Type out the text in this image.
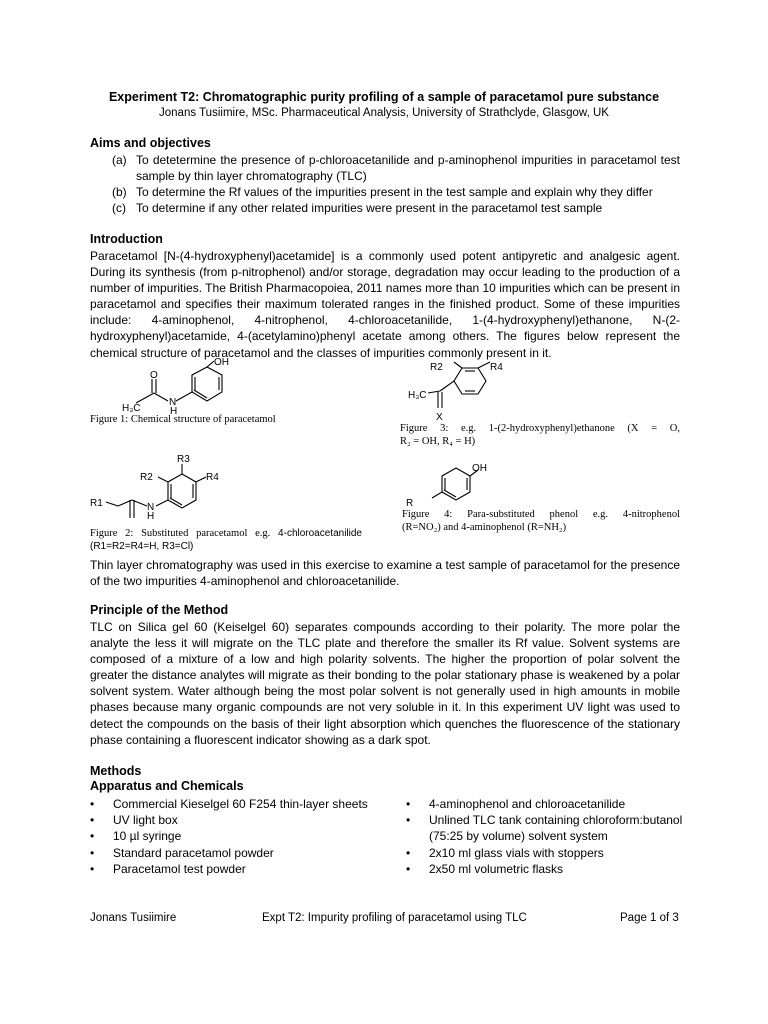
Experiment T2: Chromatographic purity profiling of a sample of paracetamol pure substance
Jonans Tusiimire, MSc. Pharmaceutical Analysis, University of Strathclyde, Glasgow, UK
Aims and objectives
(a) To detetermine the presence of p-chloroacetanilide and p-aminophenol impurities in paracetamol test sample by thin layer chromatography (TLC)
(b) To determine the Rf values of the impurities present in the test sample and explain why they differ
(c) To determine if any other related impurities were present in the paracetamol test sample
Introduction
Paracetamol [N-(4-hydroxyphenyl)acetamide] is a commonly used potent antipyretic and analgesic agent. During its synthesis (from p-nitrophenol) and/or storage, degradation may occur leading to the production of a number of impurities. The British Pharmacopoiea, 2011 names more than 10 impurities which can be present in paracetamol and specifies their maximum tolerated ranges in the finished product. Some of these impurities include: 4-aminophenol, 4-nitrophenol, 4-chloroacetanilide, 1-(4-hydroxyphenyl)ethanone, N-(2-hydroxyphenyl)acetamide, 4-(acetylamino)phenyl acetate among others. The figures below represent the chemical structure of paracetamol and the classes of impurities commonly present in it.
OH
O
N
H
H₃C
Figure 1: Chemical structure of paracetamol
R2	R4
H₃C
X
Figure 3: e.g. 1-(2-hydroxyphenyl)ethanone (X = O,
R₂ = OH, R₄ = H)
R3
R2	R4
R1	N
H
Figure 2: Substituted paracetamol e.g. 4-chloroacetanilide
(R1=R2=R4=H, R3=Cl)
OH
R
Figure 4: Para-substituted phenol e.g. 4-nitrophenol
(R=NO₂) and 4-aminophenol (R=NH₂)
Thin layer chromatography was used in this exercise to examine a test sample of paracetamol for the presence of the two impurities 4-aminophenol and chloroacetanilide.
Principle of the Method
TLC on Silica gel 60 (Keiselgel 60) separates compounds according to their polarity. The more polar the analyte the less it will migrate on the TLC plate and therefore the smaller its Rf value. Solvent systems are composed of a mixture of a low and high polarity solvents. The higher the proportion of polar solvent the greater the distance analytes will migrate as their bonding to the polar stationary phase is weakened by a polar solvent system. Water although being the most polar solvent is not generally used in high amounts in mobile phases because many organic compounds are not very soluble in it. In this experiment UV light was used to detect the compounds on the basis of their light absorption which quenches the fluorescence of the stationary phase containing a fluorescent indicator showing as a dark spot.
Methods
Apparatus and Chemicals
• Commercial Kieselgel 60 F254 thin-layer sheets
• UV light box
• 10 µl syringe
• Standard paracetamol powder
• Paracetamol test powder
• 4-aminophenol and chloroacetanilide
• Unlined TLC tank containing chloroform:butanol (75:25 by volume) solvent system
• 2x10 ml glass vials with stoppers
• 2x50 ml volumetric flasks
Jonans Tusiimire	Expt T2: Impurity profiling of paracetamol using TLC	Page 1 of 3
